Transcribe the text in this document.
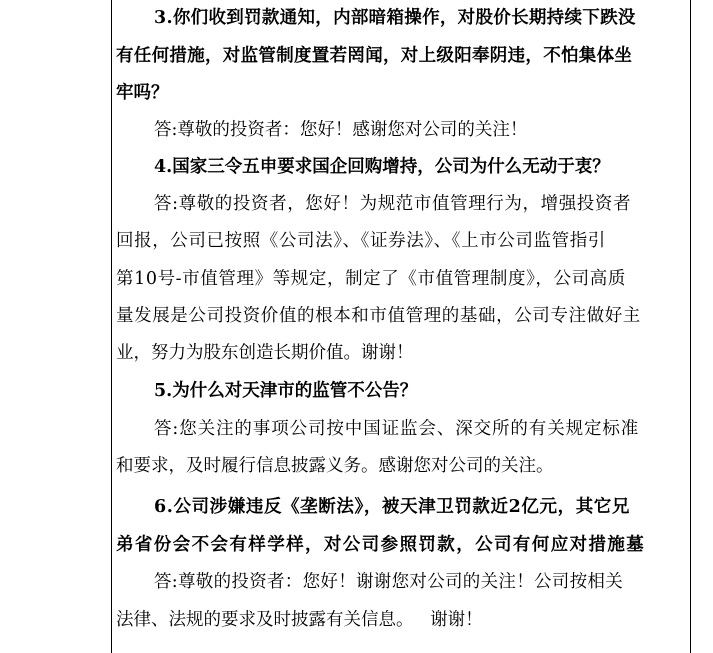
3.你们收到罚款通知，内部暗箱操作，对股价长期持续下跌没
有任何措施，对监管制度置若罔闻，对上级阳奉阴违，不怕集体坐
牢吗？
答:尊敬的投资者：您好！感谢您对公司的关注！
4.国家三令五申要求国企回购增持，公司为什么无动于衷？
答:尊敬的投资者，您好！为规范市值管理行为，增强投资者
回报，公司已按照《公司法》、《证券法》、《上市公司监管指引
第10号-市值管理》等规定，制定了《市值管理制度》，公司高质
量发展是公司投资价值的根本和市值管理的基础，公司专注做好主
业，努力为股东创造长期价值。谢谢！
5.为什么对天津市的监管不公告？
答:您关注的事项公司按中国证监会、深交所的有关规定标准
和要求，及时履行信息披露义务。感谢您对公司的关注。
6.公司涉嫌违反《垄断法》，被天津卫罚款近2亿元，其它兄
弟省份会不会有样学样，对公司参照罚款，公司有何应对措施墓
答:尊敬的投资者：您好！谢谢您对公司的关注！公司按相关
法律、法规的要求及时披露有关信息。   谢谢！
